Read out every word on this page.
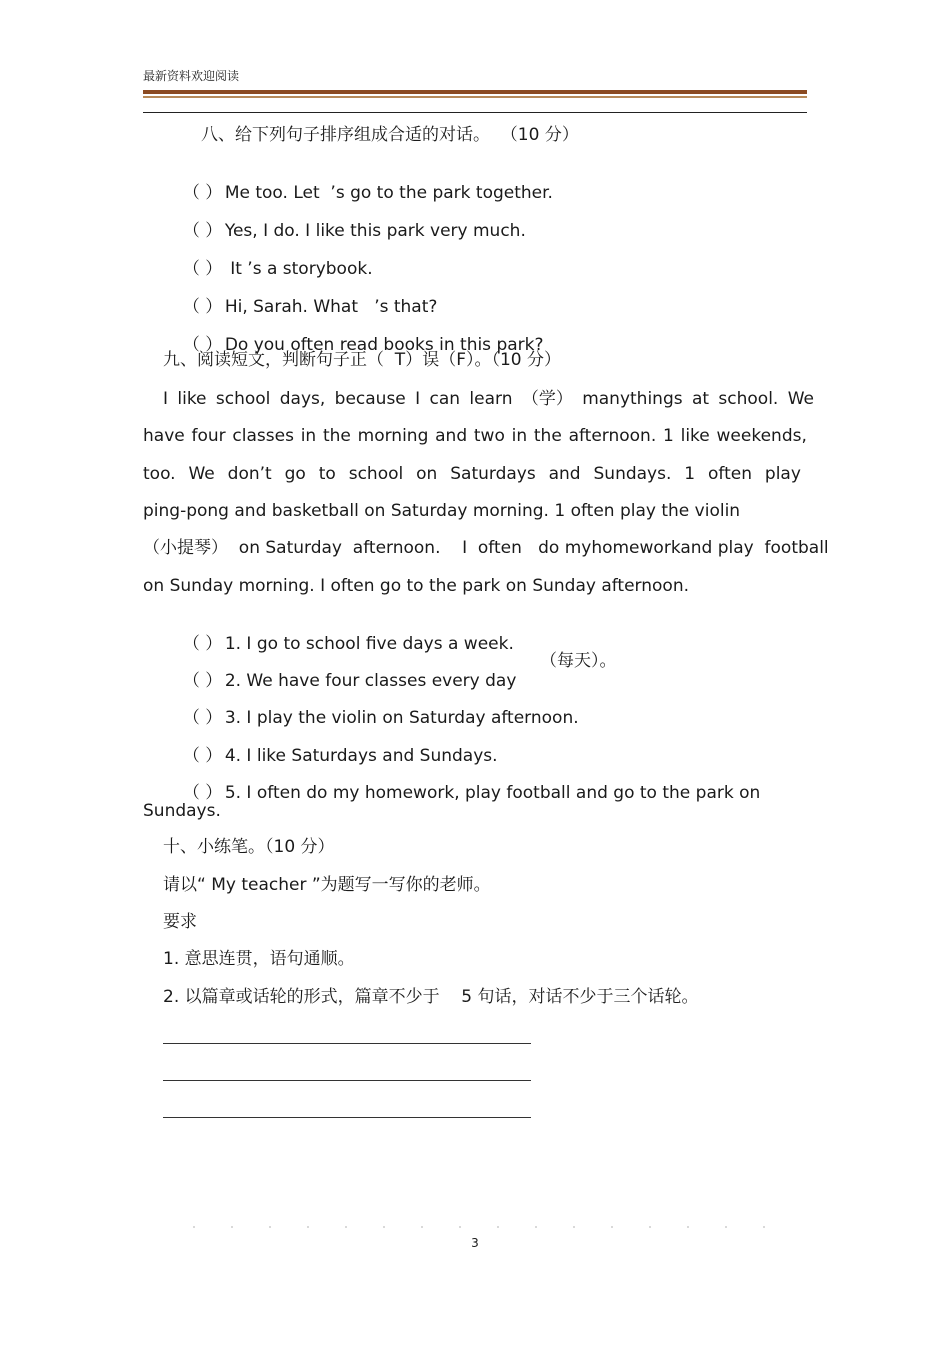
最新资料欢迎阅读
八、给下列句子排序组成合适的对话。  （10 分）

（ ） Me too. Let  ’s go to the park together.

（ ） Yes, I do. I like this park very much.

（ ） It ’s a storybook.

（ ） Hi, Sarah. What   ’s that?

（ ） Do you often read books in this park?

九、阅读短文，判断句子正（  T）误（F）。（10 分）
I like school days, because I can learn （学） manythings at school. We
have four classes in the morning and two in the afternoon. 1 like weekends,
too. We don’t go to school on Saturdays and Sundays. 1 often play
ping-pong and basketball on Saturday morning. 1 often play the violin
（小提琴）  on Saturday  afternoon.    I  often   do myhomeworkand play  football
on Sunday morning. I often go to the park on Sunday afternoon.

（ ） 1. I go to school five days a week.

（ ） 2. We have four classes every day

（每天）。

（ ） 3. I play the violin on Saturday afternoon.

（ ） 4. I like Saturdays and Sundays.

（ ） 5. I often do my homework, play football and go to the park on

Sundays.
十、小练笔。（10 分）
请以“ My teacher ”为题写一写你的老师。
要求
1. 意思连贯，语句通顺。
2. 以篇章或话轮的形式，篇章不少于    5 句话，对话不少于三个话轮。
3
